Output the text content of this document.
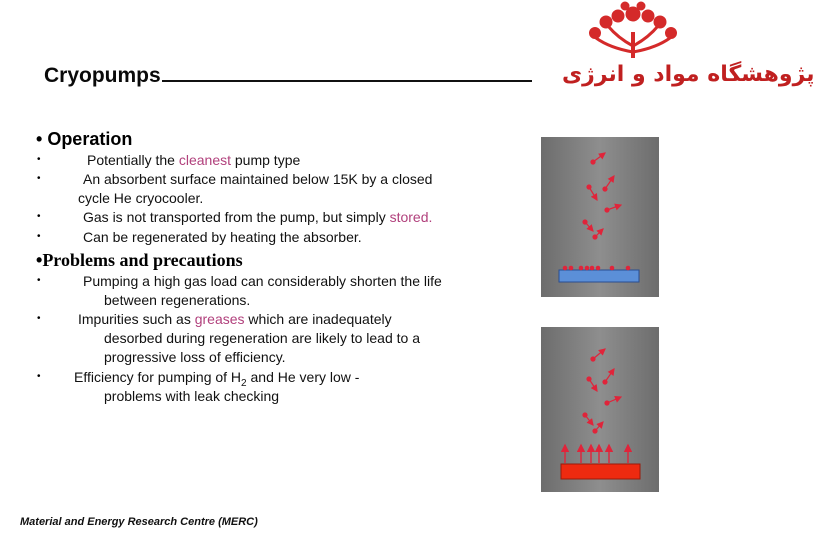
پژوهشگاه مواد و انرژی
Cryopumps
• Operation
•	Potentially the cleanest pump type
•	An absorbent surface maintained below 15K by a closed
cycle He cryocooler.
•	Gas is not transported from the pump, but simply stored.
•	Can be regenerated by heating the absorber.
•Problems and precautions
•	Pumping a high gas load can considerably shorten the life
between regenerations.
•	Impurities such as greases which are inadequately
desorbed during regeneration are likely to lead to a
progressive loss of efficiency.
• Efficiency for pumping of $H_2$ and He very low -
problems with leak checking
Material and Energy Research Centre (MERC)
